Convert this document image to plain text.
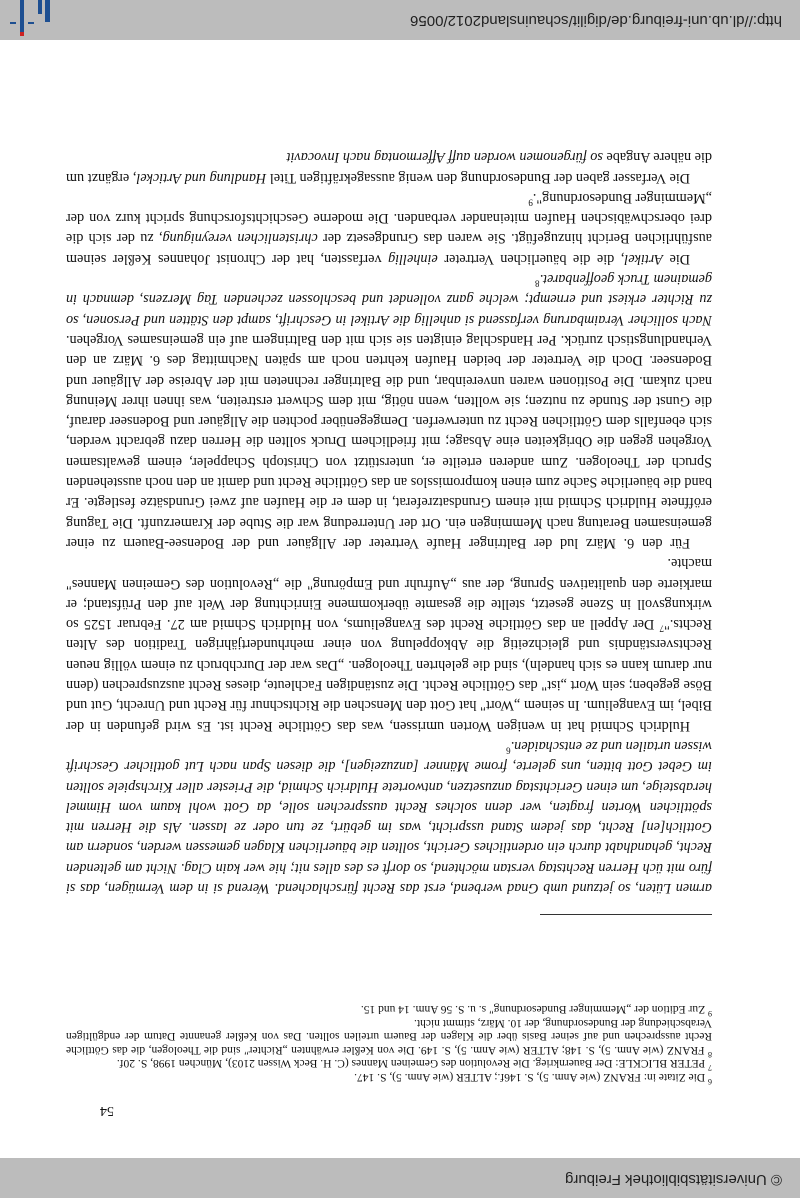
© Universitätsbibliothek Freiburg
54

$^6$ Die Zitate in: FRANZ (wie Anm. 5), S. 146f.; ALTER (wie Anm. 5), S. 147.

$^7$ PETER BLICKLE: Der Bauernkrieg. Die Revolution des Gemeinen Mannes (C. H. Beck Wissen 2103), München 1998, S. 20f.

$^8$ FRANZ (wie Anm. 5), S. 148; ALTER (wie Anm. 5), S. 149. Die von Keßler erwähnten „Richter" sind die Theologen, die das Göttliche Recht aussprechen und auf seiner Basis über die Klagen der Bauern urteilen sollten. Das von Keßler genannte Datum der endgültigen Verabschiedung der Bundesordnung, der 10. März, stimmt nicht.

$^9$ Zur Edition der „Memminger Bundesordnung" s. u. S. 56 Anm. 14 und 15.

armen Lüten, so jetzund umb Gnad werbend, erst das Recht fürschlachend. Werend si in dem Vermügen, das si füro mit üch Herren Rechtstag verstan möchtend, so dorft es des alles nit; hie wer kain Clag. Nicht am geltenden Recht, gehandhabt durch ein ordentliches Gericht, sollten die bäuerlichen Klagen gemessen werden, sondern am Gottlich[en] Recht, das jedem Stand usspricht, was im gebürt, ze tun oder ze lassen. Als die Herren mit spöttlichen Worten fragten, wer denn solches Recht aussprechen solle, da Gott wohl kaum vom Himmel herabsteige, um einen Gerichtstag anzusetzen, antwortete Huldrich Schmid, die Priester aller Kirchspiele sollten im Gebet Gott bitten, uns gelerte, frome Männer [anzuzeigen], die diesen Span nach Lut gottlicher Geschrift wissen urtailen und ze entschaiden.$^6$

Huldrich Schmid hat in wenigen Worten umrissen, was das Göttliche Recht ist. Es wird gefunden in der Bibel, im Evangelium. In seinem „Wort" hat Gott den Menschen die Richtschnur für Recht und Unrecht, Gut und Böse gegeben; sein Wort „ist" das Göttliche Recht. Die zuständigen Fachleute, dieses Recht auszusprechen (denn nur darum kann es sich handeln), sind die gelehrten Theologen. „Das war der Durchbruch zu einem völlig neuen Rechtsverständnis und gleichzeitig die Abkoppelung von einer mehrhundertjährigen Tradition des Alten Rechts."$^7$ Der Appell an das Göttliche Recht des Evangeliums, von Huldrich Schmid am 27. Februar 1525 so wirkungsvoll in Szene gesetzt, stellte die gesamte überkommene Einrichtung der Welt auf den Prüfstand; er markierte den qualitativen Sprung, der aus „Aufruhr und Empörung" die „Revolution des Gemeinen Mannes" machte.

Für den 6. März lud der Baltringer Haufe Vertreter der Allgäuer und der Bodensee-Bauern zu einer gemeinsamen Beratung nach Memmingen ein. Ort der Unterredung war die Stube der Kramerzunft. Die Tagung eröffnete Huldrich Schmid mit einem Grundsatzreferat, in dem er die Haufen auf zwei Grundsätze festlegte. Er band die bäuerliche Sache zum einen kompromisslos an das Göttliche Recht und damit an den noch ausstehenden Spruch der Theologen. Zum anderen erteilte er, unterstützt von Christoph Schappeler, einem gewaltsamen Vorgehen gegen die Obrigkeiten eine Absage; mit friedlichem Druck sollten die Herren dazu gebracht werden, sich ebenfalls dem Göttlichen Recht zu unterwerfen. Demgegenüber pochten die Allgäuer und Bodenseer darauf, die Gunst der Stunde zu nutzen; sie wollten, wenn nötig, mit dem Schwert erstreiten, was ihnen ihrer Meinung nach zukam. Die Positionen waren unvereinbar, und die Baltringer rechneten mit der Abreise der Allgäuer und Bodenseer. Doch die Vertreter der beiden Haufen kehrten noch am späten Nachmittag des 6. März an den Verhandlungstisch zurück. Per Handschlag einigten sie sich mit den Baltringern auf ein gemeinsames Vorgehen. Nach sollicher Veraimbarung verfassend si anhellig die Artikel in Geschrift, sampt den Stätten und Personen, so zu Richter erkiest und ernempt; welche ganz vollendet und beschlossen zechenden Tag Merzens, demnach in gemainem Truck geoffenbaret.$^8$

Die Artikel, die die bäuerlichen Vertreter einhellig verfassten, hat der Chronist Johannes Keßler seinem ausführlichen Bericht hinzugefügt. Sie waren das Grundgesetz der christenlichen vereynigung, zu der sich die drei oberschwäbischen Haufen miteinander verbanden. Die moderne Geschichtsforschung spricht kurz von der „Memminger Bundesordnung".$^9$

Die Verfasser gaben der Bundesordnung den wenig aussagekräftigen Titel Handlung und Artickel, ergänzt um die nähere Angabe so fürgenomen worden auff Affermontag nach Invocavit

http://dl.ub.uni-freiburg.de/digilit/schauinsland2012/0056
